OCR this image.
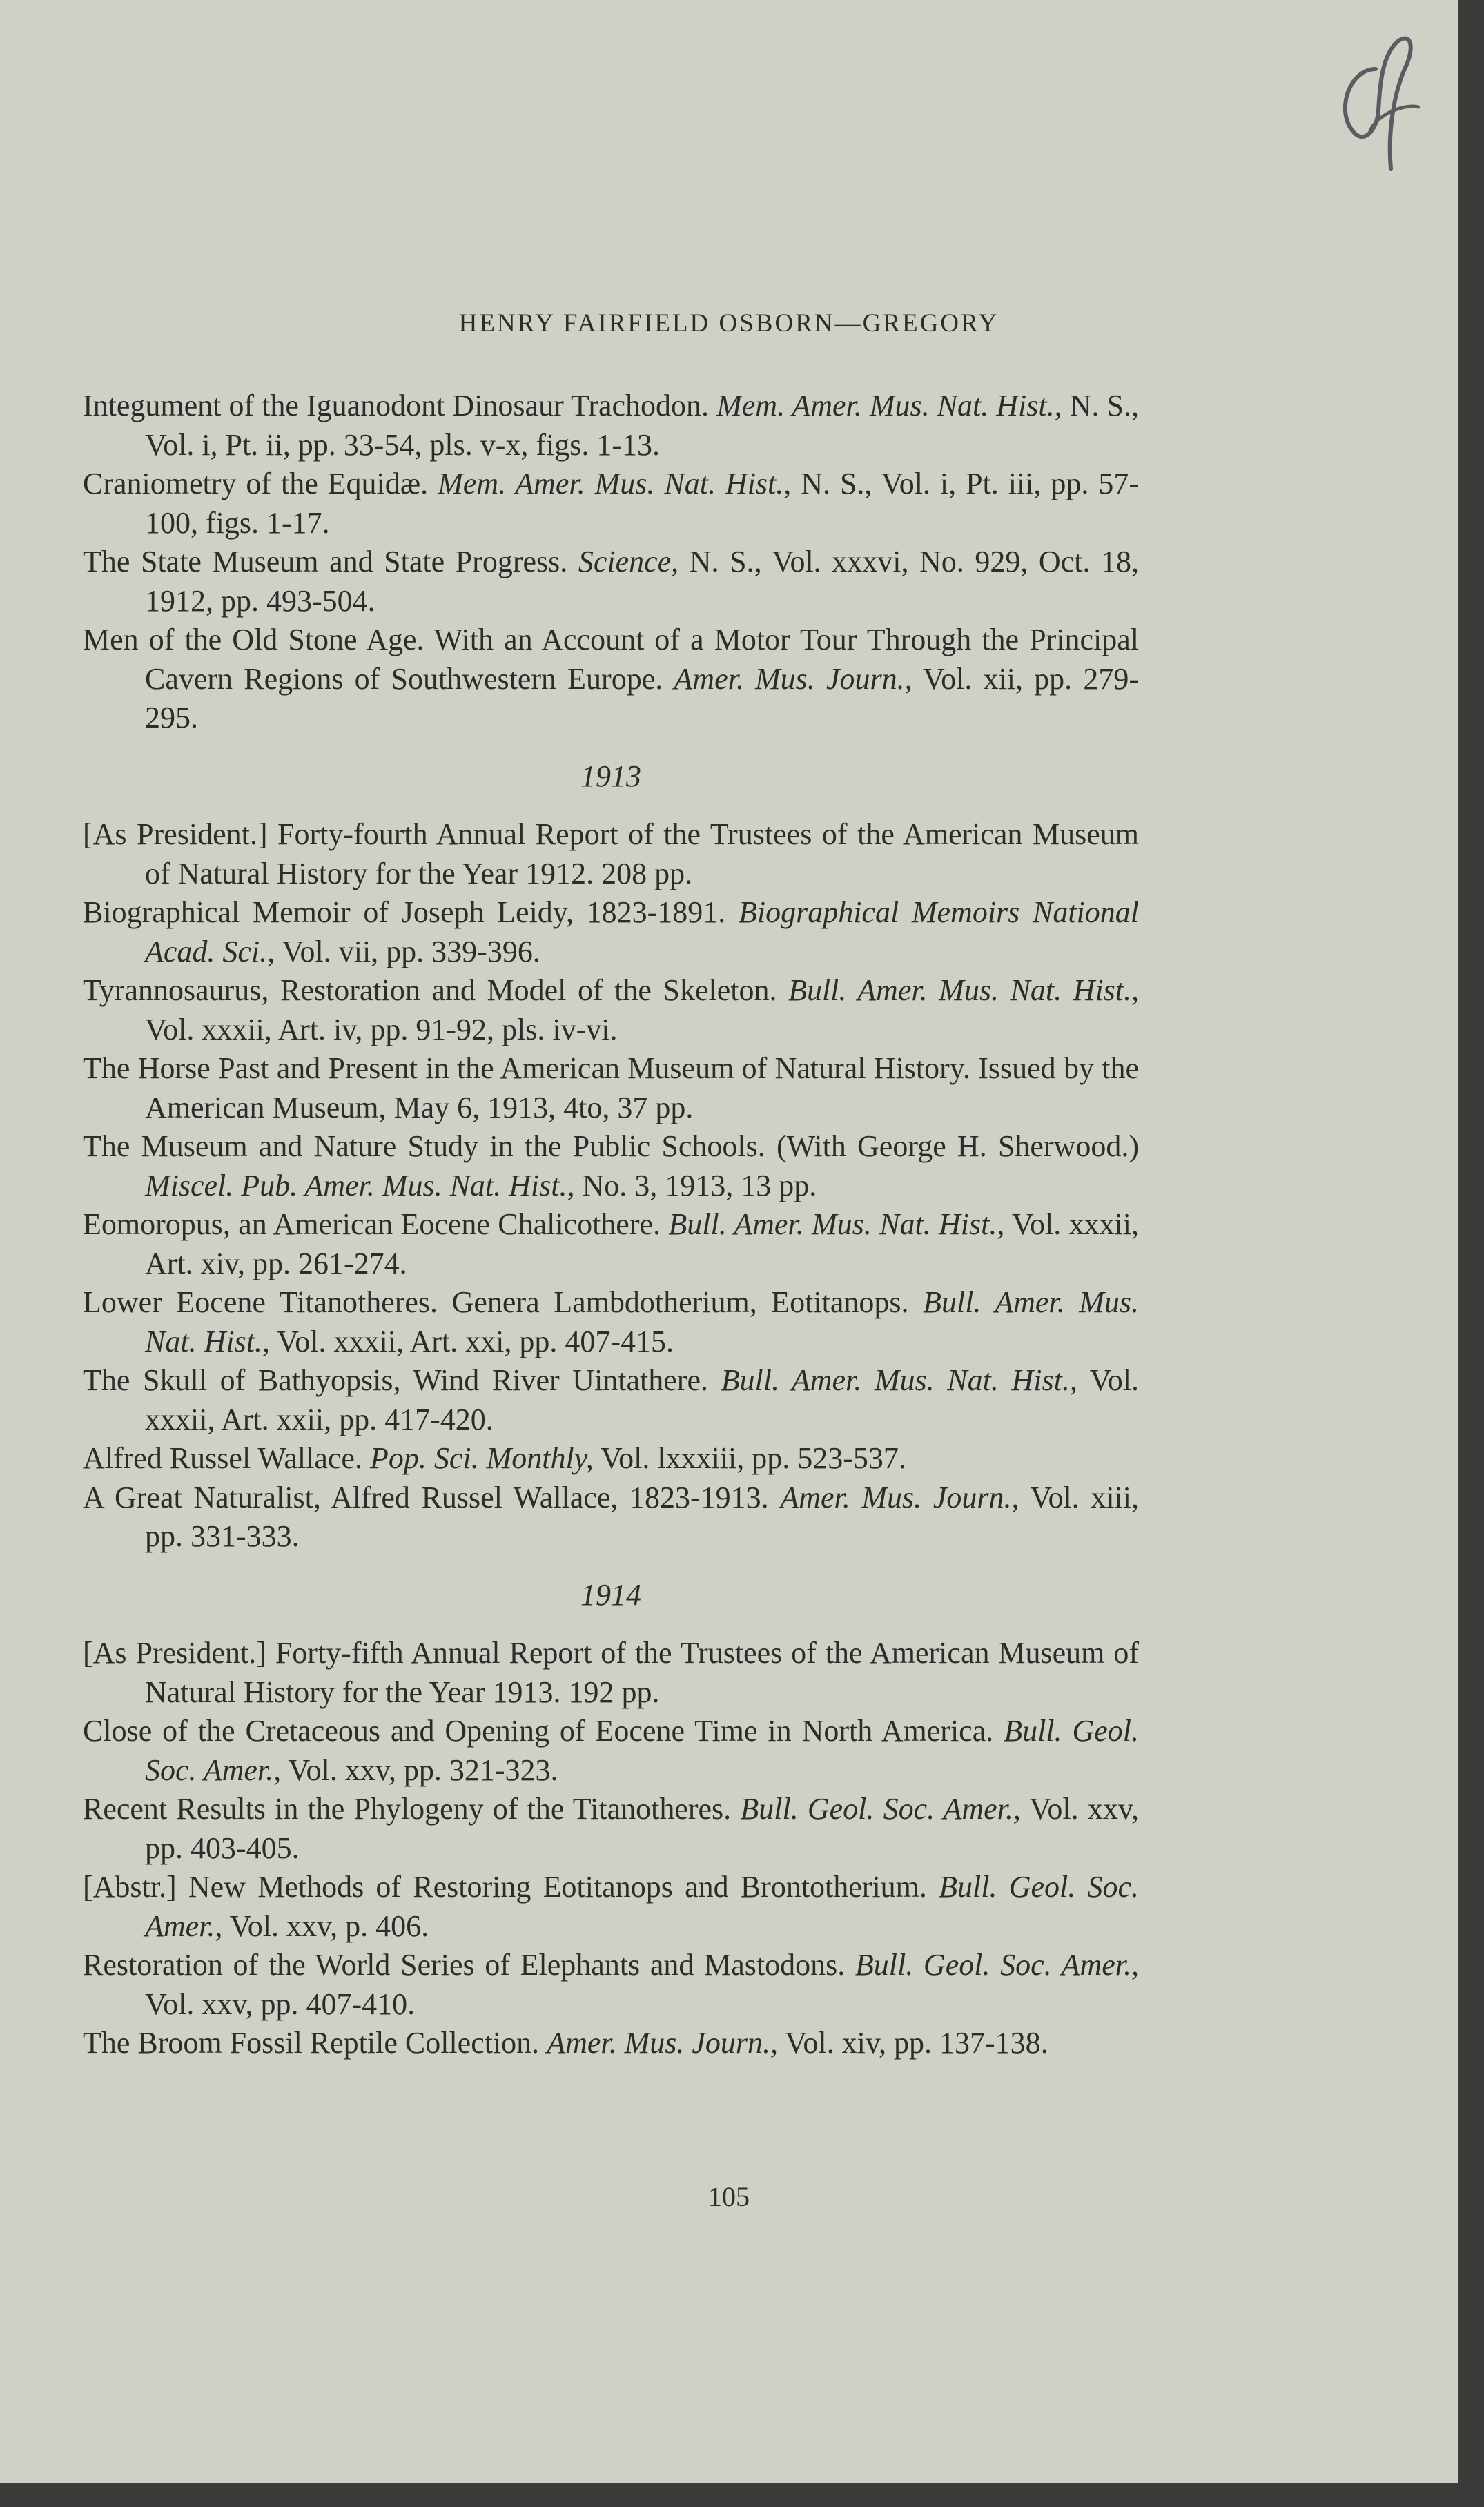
HENRY FAIRFIELD OSBORN—GREGORY

Integument of the Iguanodont Dinosaur Trachodon. Mem. Amer. Mus. Nat. Hist., N. S., Vol. i, Pt. ii, pp. 33-54, pls. v-x, figs. 1-13.

Craniometry of the Equidæ. Mem. Amer. Mus. Nat. Hist., N. S., Vol. i, Pt. iii, pp. 57-100, figs. 1-17.

The State Museum and State Progress. Science, N. S., Vol. xxxvi, No. 929, Oct. 18, 1912, pp. 493-504.

Men of the Old Stone Age. With an Account of a Motor Tour Through the Principal Cavern Regions of Southwestern Europe. Amer. Mus. Journ., Vol. xii, pp. 279-295.

1913

[As President.] Forty-fourth Annual Report of the Trustees of the American Museum of Natural History for the Year 1912. 208 pp.

Biographical Memoir of Joseph Leidy, 1823-1891. Biographical Memoirs National Acad. Sci., Vol. vii, pp. 339-396.

Tyrannosaurus, Restoration and Model of the Skeleton. Bull. Amer. Mus. Nat. Hist., Vol. xxxii, Art. iv, pp. 91-92, pls. iv-vi.

The Horse Past and Present in the American Museum of Natural History. Issued by the American Museum, May 6, 1913, 4to, 37 pp.

The Museum and Nature Study in the Public Schools. (With George H. Sherwood.) Miscel. Pub. Amer. Mus. Nat. Hist., No. 3, 1913, 13 pp.

Eomoropus, an American Eocene Chalicothere. Bull. Amer. Mus. Nat. Hist., Vol. xxxii, Art. xiv, pp. 261-274.

Lower Eocene Titanotheres. Genera Lambdotherium, Eotitanops. Bull. Amer. Mus. Nat. Hist., Vol. xxxii, Art. xxi, pp. 407-415.

The Skull of Bathyopsis, Wind River Uintathere. Bull. Amer. Mus. Nat. Hist., Vol. xxxii, Art. xxii, pp. 417-420.

Alfred Russel Wallace. Pop. Sci. Monthly, Vol. lxxxiii, pp. 523-537.

A Great Naturalist, Alfred Russel Wallace, 1823-1913. Amer. Mus. Journ., Vol. xiii, pp. 331-333.

1914

[As President.] Forty-fifth Annual Report of the Trustees of the American Museum of Natural History for the Year 1913. 192 pp.

Close of the Cretaceous and Opening of Eocene Time in North America. Bull. Geol. Soc. Amer., Vol. xxv, pp. 321-323.

Recent Results in the Phylogeny of the Titanotheres. Bull. Geol. Soc. Amer., Vol. xxv, pp. 403-405.

[Abstr.] New Methods of Restoring Eotitanops and Brontotherium. Bull. Geol. Soc. Amer., Vol. xxv, p. 406.

Restoration of the World Series of Elephants and Mastodons. Bull. Geol. Soc. Amer., Vol. xxv, pp. 407-410.

The Broom Fossil Reptile Collection. Amer. Mus. Journ., Vol. xiv, pp. 137-138.

105
